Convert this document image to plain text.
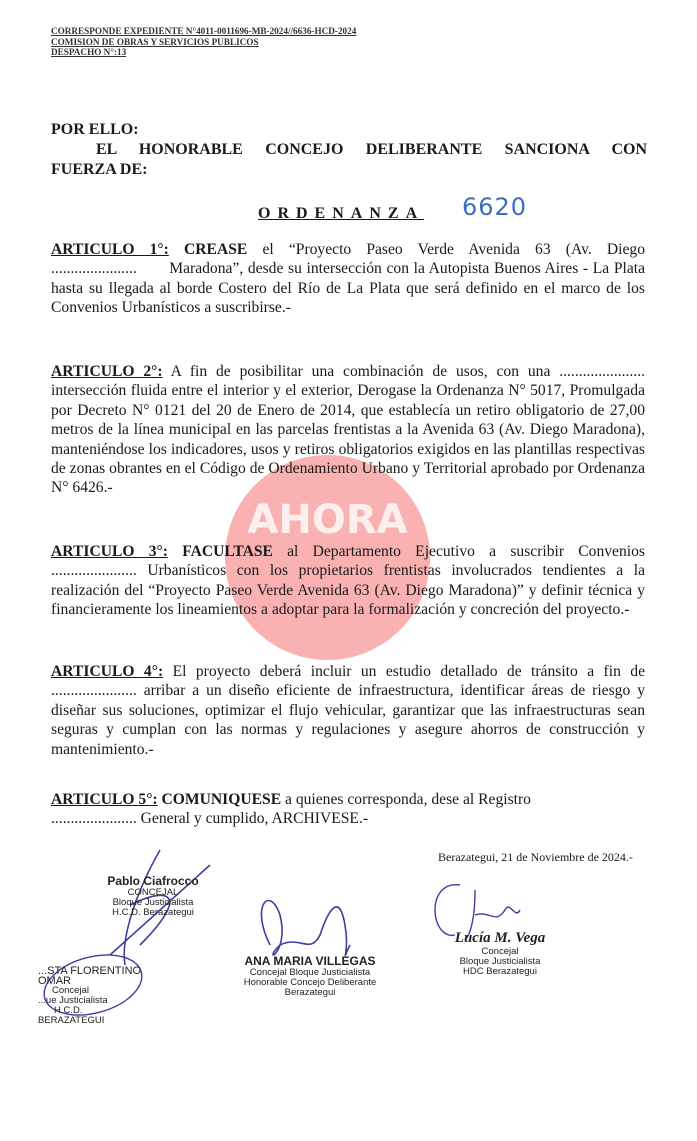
CORRESPONDE EXPEDIENTE N°4011-0011696-MB-2024//6636-HCD-2024
COMISION DE OBRAS Y SERVICIOS PUBLICOS
DESPACHO N°:13
POR ELLO:
EL HONORABLE CONCEJO DELIBERANTE SANCIONA CON
FUERZA DE:
ORDENANZA 6620
AHORA
ARTICULO 1°: CREASE el “Proyecto Paseo Verde Avenida 63 (Av. Diego ...................... Maradona”, desde su intersección con la Autopista Buenos Aires - La Plata hasta su llegada al borde Costero del Río de La Plata que será definido en el marco de los Convenios Urbanísticos a suscribirse.-
ARTICULO 2°: A fin de posibilitar una combinación de usos, con una ...................... intersección fluida entre el interior y el exterior, Derogase la Ordenanza N° 5017, Promulgada por Decreto N° 0121 del 20 de Enero de 2014, que establecía un retiro obligatorio de 27,00 metros de la línea municipal en las parcelas frentistas a la Avenida 63 (Av. Diego Maradona), manteniéndose los indicadores, usos y retiros obligatorios exigidos en las plantillas respectivas de zonas obrantes en el Código de Ordenamiento Urbano y Territorial aprobado por Ordenanza N° 6426.-
ARTICULO 3°: FACULTASE al Departamento Ejecutivo a suscribir Convenios ...................... Urbanísticos con los propietarios frentistas involucrados tendientes a la realización del “Proyecto Paseo Verde Avenida 63 (Av. Diego Maradona)” y definir técnica y financieramente los lineamientos a adoptar para la formalización y concreción del proyecto.-
ARTICULO 4°: El proyecto deberá incluir un estudio detallado de tránsito a fin de ...................... arribar a un diseño eficiente de infraestructura, identificar áreas de riesgo y diseñar sus soluciones, optimizar el flujo vehicular, garantizar que las infraestructuras sean seguras y cumplan con las normas y regulaciones y asegure ahorros de construcción y mantenimiento.-
ARTICULO 5°: COMUNIQUESE a quienes corresponda, dese al Registro
...................... General y cumplido, ARCHIVESE.-
Berazategui, 21 de Noviembre de 2024.-
Pablo Ciafrocco
CONCEJAL
Bloque Justicialista
H.C.D. Berazategui
ANA MARIA VILLEGAS
Concejal Bloque Justicialista
Honorable Concejo Deliberante
Berazategui
Lucía M. Vega
Concejal
Bloque Justicialista
HDC Berazategui
...STA FLORENTINO OMAR
Concejal
...ue Justicialista
H.C.D.
BERAZATEGUI
